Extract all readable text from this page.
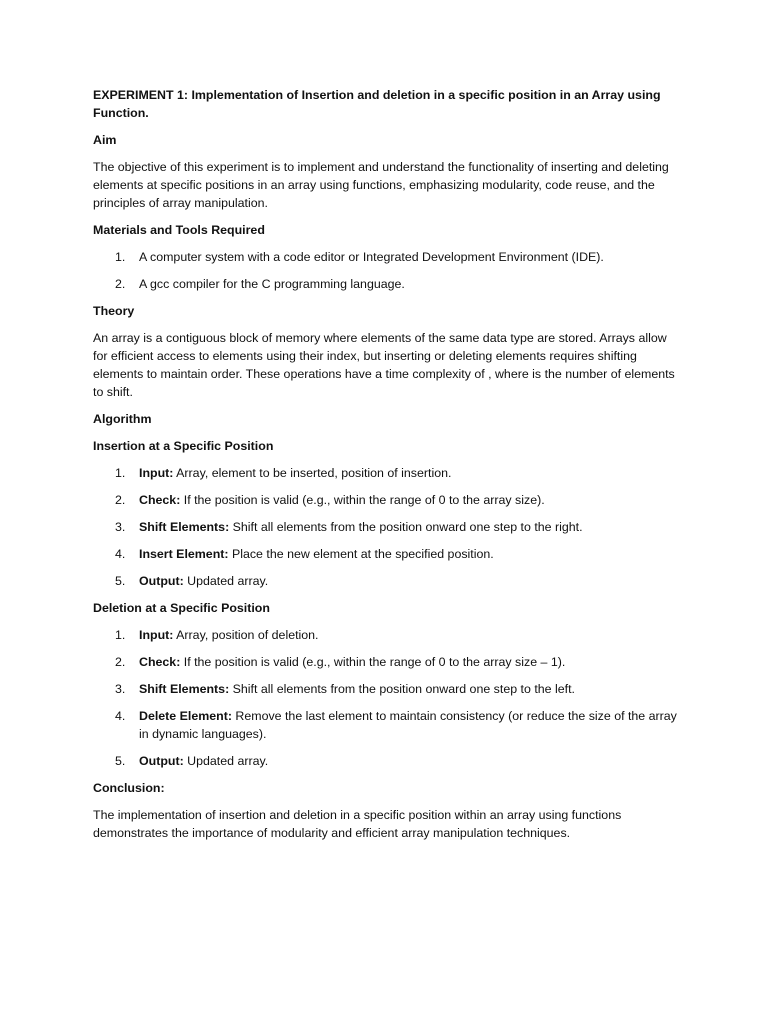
EXPERIMENT 1: Implementation of Insertion and deletion in a specific position in an Array using Function.

Aim

The objective of this experiment is to implement and understand the functionality of inserting and deleting elements at specific positions in an array using functions, emphasizing modularity, code reuse, and the principles of array manipulation.

Materials and Tools Required

1. A computer system with a code editor or Integrated Development Environment (IDE).
2. A gcc compiler for the C programming language.

Theory

An array is a contiguous block of memory where elements of the same data type are stored. Arrays allow for efficient access to elements using their index, but inserting or deleting elements requires shifting elements to maintain order. These operations have a time complexity of , where is the number of elements to shift.

Algorithm

Insertion at a Specific Position

1. Input: Array, element to be inserted, position of insertion.
2. Check: If the position is valid (e.g., within the range of 0 to the array size).
3. Shift Elements: Shift all elements from the position onward one step to the right.
4. Insert Element: Place the new element at the specified position.
5. Output: Updated array.

Deletion at a Specific Position

1. Input: Array, position of deletion.
2. Check: If the position is valid (e.g., within the range of 0 to the array size – 1).
3. Shift Elements: Shift all elements from the position onward one step to the left.
4. Delete Element: Remove the last element to maintain consistency (or reduce the size of the array in dynamic languages).
5. Output: Updated array.

Conclusion:

The implementation of insertion and deletion in a specific position within an array using functions demonstrates the importance of modularity and efficient array manipulation techniques.
